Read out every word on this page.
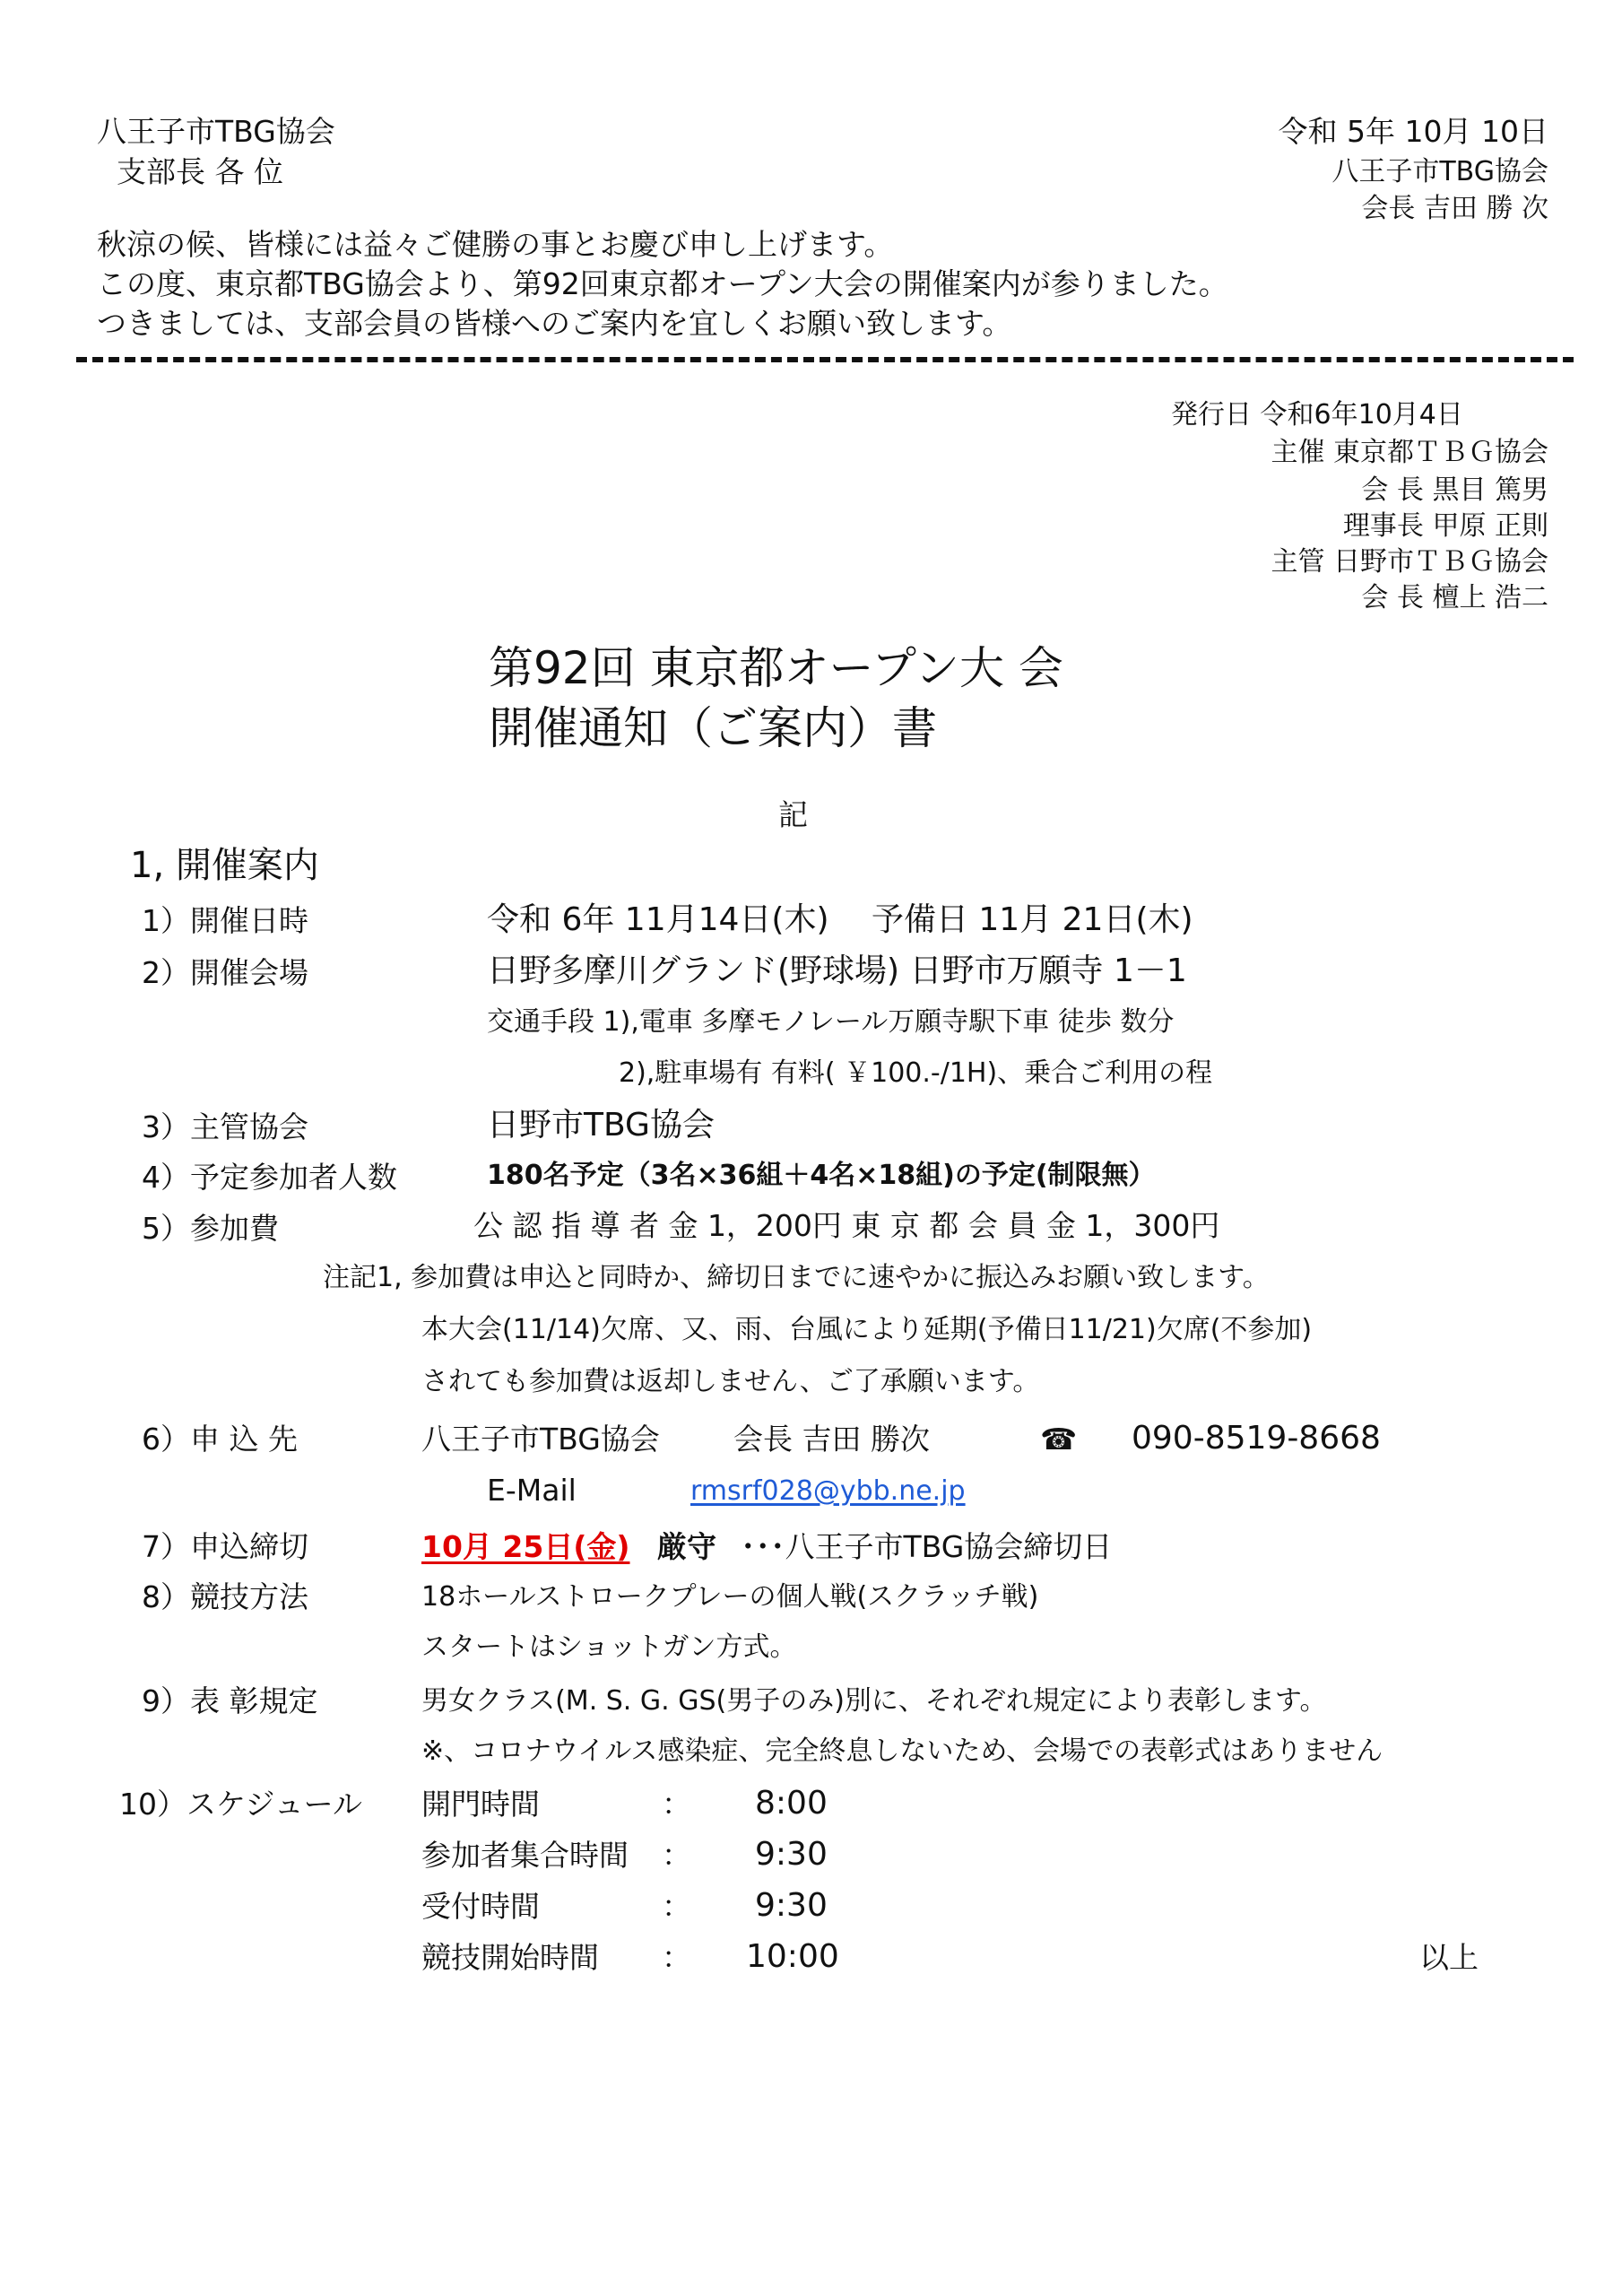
八王子市TBG協会
支部長 各 位
令和 5年 10月 10日
八王子市TBG協会
会長 吉田 勝 次
秋涼の候、皆様には益々ご健勝の事とお慶び申し上げます。
この度、東京都TBG協会より、第92回東京都オープン大会の開催案内が参りました。
つきましては、支部会員の皆様へのご案内を宜しくお願い致します。
発行日 令和6年10月4日
主催 東京都ＴＢＧ協会
会 長 黒目 篤男
理事長 甲原 正則
主管 日野市ＴＢＧ協会
会 長 檀上 浩二
第92回 東京都オープン大 会
開催通知（ご案内）書
記
1, 開催案内
1）開催日時	令和 6年 11月14日(木)　 予備日 11月 21日(木)
2）開催会場	日野多摩川グランド(野球場) 日野市万願寺 1－1
交通手段 1),電車 多摩モノレール万願寺駅下車 徒歩 数分
2),駐車場有 有料( ￥100.-/1H)、乗合ご利用の程
3）主管協会	日野市TBG協会
4）予定参加者人数	180名予定（3名×36組＋4名×18組)の予定(制限無）
5）参加費	公 認 指 導 者 金 1，200円 東 京 都 会 員 金 1，300円
注記1, 参加費は申込と同時か、締切日までに速やかに振込みお願い致します。
本大会(11/14)欠席、又、雨、台風により延期(予備日11/21)欠席(不参加)
されても参加費は返却しません、ご了承願います。
6）申 込 先	八王子市TBG協会 会長 吉田 勝次	☎ 090-8519-8668
E-Mail	rmsrf028@ybb.ne.jp
7）申込締切	10月 25日(金) 厳守 ･･･八王子市TBG協会締切日
8）競技方法	18ホールストロークプレーの個人戦(スクラッチ戦)
スタートはショットガン方式。
9）表 彰規定	男女クラス(M. S. G. GS(男子のみ)別に、それぞれ規定により表彰します。
※、コロナウイルス感染症、完全終息しないため、会場での表彰式はありません
10）スケジュール 開門時間	： 8:00
参加者集合時間 ： 9:30
受付時間	： 9:30
競技開始時間 ： 10:00	以上
